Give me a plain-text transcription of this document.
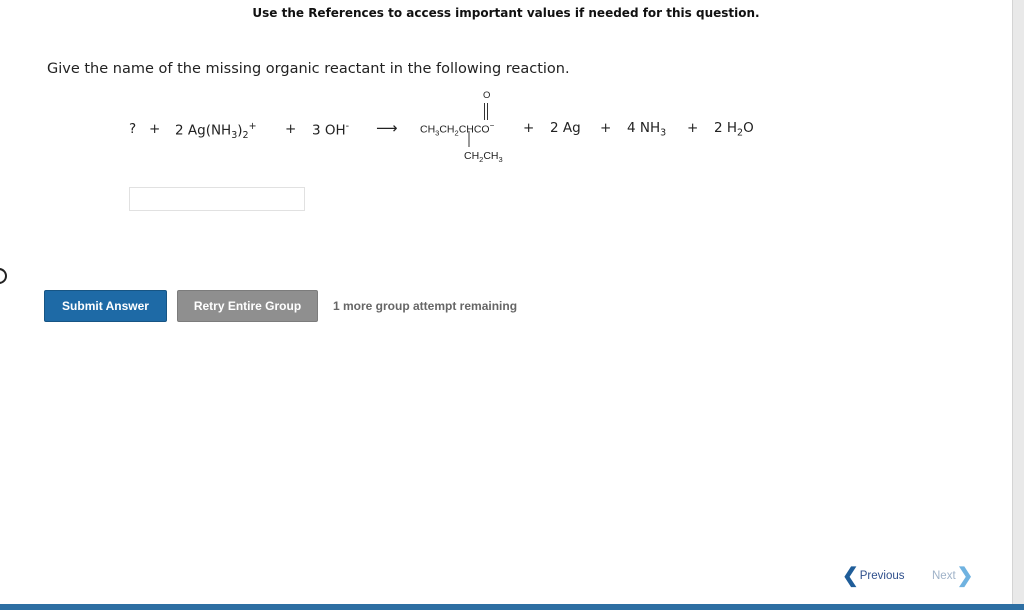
Use the References to access important values if needed for this question.
Give the name of the missing organic reactant in the following reaction.
? + 2 $Ag(NH_3)_2^+ + 3$ OH- ⟶
O
$CH_3CH_2CHCO^-$
$CH_2CH_3$
+ 2 Ag + 4 $NH_3 + 2$ $H_2O$
Submit Answer	Retry Entire Group	1 more group attempt remaining
❮ Previous Next ❯
